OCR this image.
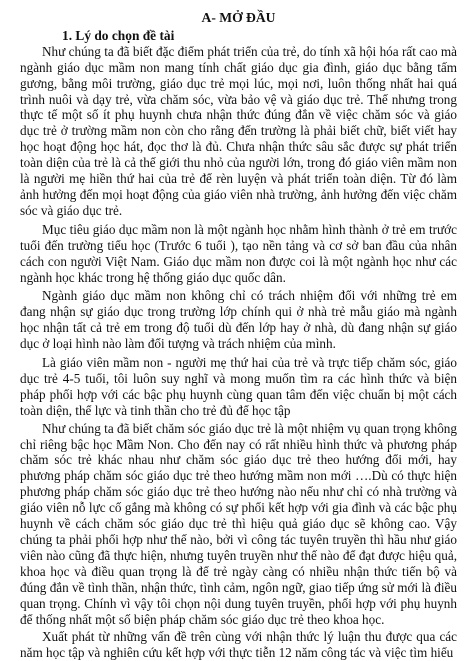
A- MỞ ĐẦU
1. Lý do chọn đề tài

Như chúng ta đã biết đặc điểm phát triển của trẻ, do tính xã hội hóa rất cao mà ngành giáo dục mầm non mang tính chất giáo dục gia đình, giáo dục bằng tấm gương, bằng môi trường, giáo dục trẻ mọi lúc, mọi nơi, luôn thống nhất hai quá trình nuôi và dạy trẻ, vừa chăm sóc, vừa bảo vệ và giáo dục trẻ. Thế nhưng trong thực tế một số ít phụ huynh chưa nhận thức đúng đắn về việc chăm sóc và giáo dục trẻ ở trường mầm non còn cho rằng đến trường là phải biết chữ, biết viết hay học hoạt động học hát, đọc thơ là đủ. Chưa nhận thức sâu sắc được sự phát triển toàn diện của trẻ là cả thế giới thu nhỏ của người lớn, trong đó giáo viên mầm non là người mẹ hiền thứ hai của trẻ để rèn luyện và phát triển toàn diện. Từ đó làm ảnh hưởng đến mọi hoạt động của giáo viên nhà trường, ảnh hưởng đến việc chăm sóc và giáo dục trẻ.

Mục tiêu giáo dục mầm non là một ngành học nhằm hình thành ở trẻ em trước tuổi đến trường tiểu học (Trước 6 tuổi ), tạo nền tảng và cơ sở ban đầu của nhân cách con người Việt Nam. Giáo dục mầm non được coi là một ngành học như các ngành học khác trong hệ thống giáo dục quốc dân.

Ngành giáo dục mầm non không chỉ có trách nhiệm đối với những trẻ em đang nhận sự giáo dục trong trường lớp chính qui ở nhà trẻ mẫu giáo mà ngành học nhận tất cả trẻ em trong độ tuổi dù đến lớp hay ở nhà, dù đang nhận sự giáo dục ở loại hình nào làm đối tượng và trách nhiệm của mình.

Là giáo viên mầm non - người mẹ thứ hai của trẻ và trực tiếp chăm sóc, giáo dục trẻ 4-5 tuổi, tôi luôn suy nghĩ và mong muốn tìm ra các hình thức và biện pháp phối hợp với các bậc phụ huynh cùng quan tâm đến việc chuẩn bị một cách toàn diện, thể lực và tinh thần cho trẻ đủ để học tập

Như chúng ta đã biết chăm sóc giáo dục trẻ là một nhiệm vụ quan trọng không chỉ riêng bậc học Mầm Non. Cho đến nay có rất nhiều hình thức và phương pháp chăm sóc trẻ khác nhau như chăm sóc giáo dục trẻ theo hướng đổi mới, hay phương pháp chăm sóc giáo dục trẻ theo hướng mầm non mới ….Dù có thực hiện phương pháp chăm sóc giáo dục trẻ theo hướng nào nếu như chỉ có nhà trường và giáo viên nỗ lực cố gắng mà không có sự phối kết hợp với gia đình và các bậc phụ huynh về cách chăm sóc giáo dục trẻ thì hiệu quả giáo dục sẽ không cao. Vậy chúng ta phải phối hợp như thế nào, bởi vì công tác tuyên truyền thì hầu như giáo viên nào cũng đã thực hiện, nhưng tuyên truyền như thế nào để đạt được hiệu quả, khoa học và điều quan trọng là để trẻ ngày càng có nhiều nhận thức tiến bộ và đúng đắn về tình thần, nhận thức, tình cảm, ngôn ngữ, giao tiếp ứng sử mới là điều quan trọng. Chính vì vậy tôi chọn nội dung tuyên truyền, phối hợp với phụ huynh để thống nhất một số biện pháp chăm sóc giáo dục trẻ theo khoa học.

Xuất phát từ những vấn đề trên cùng với nhận thức lý luận thu được qua các năm học tập và nghiên cứu kết hợp với thực tiễn 12 năm công tác và việc tìm hiểu
